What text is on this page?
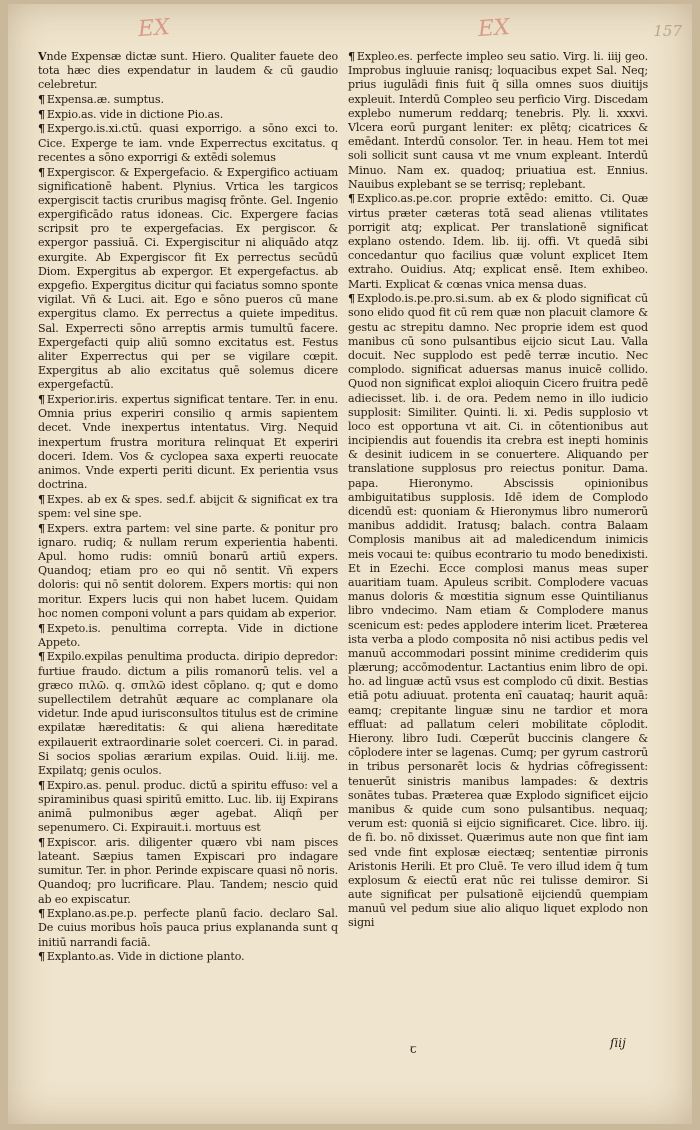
EX	EX	157

Vnde Expensæ dictæ sunt. Hiero. Qualiter fauete deo tota hæc dies expendatur in laudem & cū gaudio celebretur.

¶ Expensa.æ. sumptus.

¶ Expio.as. vide in dictione Pio.as.

¶ Expergo.is.xi.ctū. quasi exporrigo. a sōno exci to. Cice. Experge te iam. vnde Experrectus excitatus. q recentes a sōno exporrigi & extēdi solemus

¶ Expergiscor. & Expergefacio. & Expergifico actiuam significationē habent. Plynius. Vrtica les targicos expergiscit tactis cruribus magisq frōnte. Gel. Ingenio expergificādo ratus idoneas. Cic. Expergere facias scripsit pro te expergefacias. Ex pergiscor. & expergor passiuā. Ci. Expergiscitur ni aliquādo atqz exurgite. Ab Expergiscor fit Ex perrectus secūdū Diom. Expergitus ab expergor. Et expergefactus. ab expgefio. Expergitus dicitur qui faciatus somno sponte vigilat. Vñ & Luci. ait. Ego e sōno pueros cū mane expergitus clamo. Ex perrectus a quiete impeditus. Sal. Experrecti sōno arreptis armis tumultū facere. Expergefacti quip aliū somno excitatus est. Festus aliter Experrectus qui per se vigilare cœpit. Expergitus ab alio excitatus quē solemus dicere expergefactū.

¶ Experior.iris. expertus significat tentare. Ter. in enu. Omnia prius experiri consilio q armis sapientem decet. Vnde inexpertus intentatus. Virg. Nequid inexpertum frustra moritura relinquat Et experiri doceri. Idem. Vos & cyclopea saxa experti reuocate animos. Vnde experti periti dicunt. Ex perientia vsus doctrina.

¶ Expes. ab ex & spes. sed.f. abijcit & significat ex tra spem: vel sine spe.

¶ Expers. extra partem: vel sine parte. & ponitur pro ignaro. rudiq; & nullam rerum experientia habenti. Apul. homo rudis: omniū bonarū artiū expers. Quandoq; etiam pro eo qui nō sentit. Vñ expers doloris: qui nō sentit dolorem. Expers mortis: qui non moritur. Expers lucis qui non habet lucem. Quidam hoc nomen componi volunt a pars quidam ab experior.

¶ Expeto.is. penultima correpta. Vide in dictione Appeto.

¶ Expilo.expilas penultima producta. diripio depredor: furtiue fraudo. dictum a pilis romanorū telis. vel a græco πιλῶ. q. σπιλῶ idest cōplano. q; qut e domo supellectilem detrahūt æquare ac complanare ola videtur. Inde apud iurisconsultos titulus est de crimine expilatæ hæreditatis: & qui aliena hæreditate expilauerit extraordinarie solet coerceri. Ci. in parad. Si socios spolias ærarium expilas. Ouid. li.iij. me. Expilatq; genis oculos.

¶ Expiro.as. penul. produc. dictū a spiritu effuso: vel a spiraminibus quasi spiritū emitto. Luc. lib. iij Expirans animā pulmonibus æger agebat. Aliqñ per sepenumero. Ci. Expirauit.i. mortuus est

¶ Expiscor. aris. diligenter quæro vbi nam pisces lateant. Sæpius tamen Expiscari pro indagare sumitur. Ter. in phor. Perinde expiscare quasi nō noris. Quandoq; pro lucrificare. Plau. Tandem; nescio quid ab eo expiscatur.

¶ Explano.as.pe.p. perfecte planū facio. declaro Sal. De cuius moribus hoīs pauca prius explananda sunt q initiū narrandi faciā.

¶ Explanto.as. Vide in dictione planto.

¶ Expleo.es. perfecte impleo seu satio. Virg. li. iiij geo. Improbus ingluuie ranisq; loquacibus expet Sal. Neq; prius iugulādi finis fuit q̄ silla omnes suos diuitijs expleuit. Interdū Compleo seu perficio Virg. Discedam explebo numerum reddarq; tenebris. Ply. li. xxxvi. Vlcera eorū purgant leniter: ex plētq; cicatrices & emēdant. Interdū consolor. Ter. in heau. Hem tot mei soli sollicit sunt causa vt me vnum expleant. Interdū Minuo. Nam ex. quadoq; priuatiua est. Ennius. Nauibus explebant se se terrisq; replebant.

¶ Explico.as.pe.cor. proprie extēdo: emitto. Ci. Quæ virtus præter cæteras totā sead alienas vtilitates porrigit atq; explicat. Per translationē significat explano ostendo. Idem. lib. iij. offi. Vt quedā sibi concedantur quo facilius quæ volunt explicet Item extraho. Ouidius. Atq; explicat ensē. Item exhibeo. Marti. Explicat & cœnas vnica mensa duas.

¶ Explodo.is.pe.pro.si.sum. ab ex & plodo significat cū sono elido quod fit cū rem quæ non placuit clamore & gestu ac strepitu damno. Nec proprie idem est quod manibus cū sono pulsantibus eijcio sicut Lau. Valla docuit. Nec supplodo est pedē terræ incutio. Nec complodo. significat aduersas manus inuicē collido. Quod non significat exploi alioquin Cicero fruitra pedē adiecisset. lib. i. de ora. Pedem nemo in illo iudicio supplosit: Similiter. Quinti. li. xi. Pedis supplosio vt loco est opportuna vt ait. Ci. in cōtentionibus aut incipiendis aut fouendis ita crebra est inepti hominis & desinit iudicem in se conuertere. Aliquando per translatione supplosus pro reiectus ponitur. Dama. papa. Hieronymo. Abscissis opinionibus ambiguitatibus supplosis. Idē idem de Complodo dicendū est: quoniam & Hieronymus libro numerorū manibus addidit. Iratusq; balach. contra Balaam Complosis manibus ait ad maledicendum inimicis meis vocaui te: quibus econtrario tu modo benedixisti. Et in Ezechi. Ecce complosi manus meas super auaritiam tuam. Apuleus scribit. Complodere vacuas manus doloris & mœstitia signum esse Quintilianus libro vndecimo. Nam etiam & Complodere manus scenicum est: pedes applodere interim licet. Præterea ista verba a plodo composita nō nisi actibus pedis vel manuū accommodari possint minime crediderim quis plærung; accōmodentur. Lactantius enim libro de opi. ho. ad linguæ actū vsus est complodo cū dixit. Bestias etiā potu adiuuat. protenta enī cauataq; haurit aquā: eamq; crepitante linguæ sinu ne tardior et mora effluat: ad pallatum celeri mobilitate cōplodit. Hierony. libro Iudi. Cœperūt buccinis clangere & cōplodere inter se lagenas. Cumq; per gyrum castrorū in tribus personarēt locis & hydrias cōfregissent: tenuerūt sinistris manibus lampades: & dextris sonātes tubas. Præterea quæ Explodo significet eijcio manibus & quide cum sono pulsantibus. nequaq; verum est: quoniā si eijcio significaret. Cice. libro. iij. de fi. bo. nō dixisset. Quærimus aute non que fint iam sed vnde fint explosæ eiectæq; sententiæ pirronis Aristonis Herili. Et pro Cluē. Te vero illud idem q̄ tum explosum & eiectū erat nūc rei tulisse demiror. Si aute significat per pulsationē eijciendū quempiam manuū vel pedum siue alio aliquo liquet explodo non signi

ꞇ	ſiij
